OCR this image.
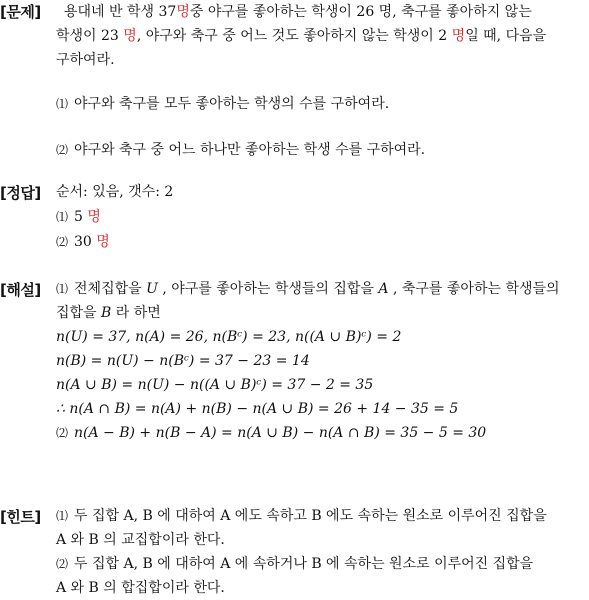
[문제] 용대네 반 학생 37명중 야구를 좋아하는 학생이 26 명, 축구를 좋아하지 않는
학생이 23 명, 야구와 축구 중 어느 것도 좋아하지 않는 학생이 2 명일 때, 다음을
구하여라.
⑴ 야구와 축구를 모두 좋아하는 학생의 수를 구하여라.
⑵ 야구와 축구 중 어느 하나만 좋아하는 학생 수를 구하여라.
[정답] 순서: 있음, 갯수: 2
⑴ 5 명
⑵ 30 명
[해설] ⑴ 전체집합을 U , 야구를 좋아하는 학생들의 집합을 A , 축구를 좋아하는 학생들의
집합을 B 라 하면
n(U) = 37, n(A) = 26, n(Bᶜ) = 23, n((A ∪ B)ᶜ) = 2
n(B) = n(U) − n(Bᶜ) = 37 − 23 = 14
n(A ∪ B) = n(U) − n((A ∪ B)ᶜ) = 37 − 2 = 35
∴ n(A ∩ B) = n(A) + n(B) − n(A ∪ B) = 26 + 14 − 35 = 5
⑵ n(A − B) + n(B − A) = n(A ∪ B) − n(A ∩ B) = 35 − 5 = 30
[힌트] ⑴ 두 집합 A, B 에 대하여 A 에도 속하고 B 에도 속하는 원소로 이루어진 집합을
A 와 B 의 교집합이라 한다.
⑵ 두 집합 A, B 에 대하여 A 에 속하거나 B 에 속하는 원소로 이루어진 집합을
A 와 B 의 합집합이라 한다.
